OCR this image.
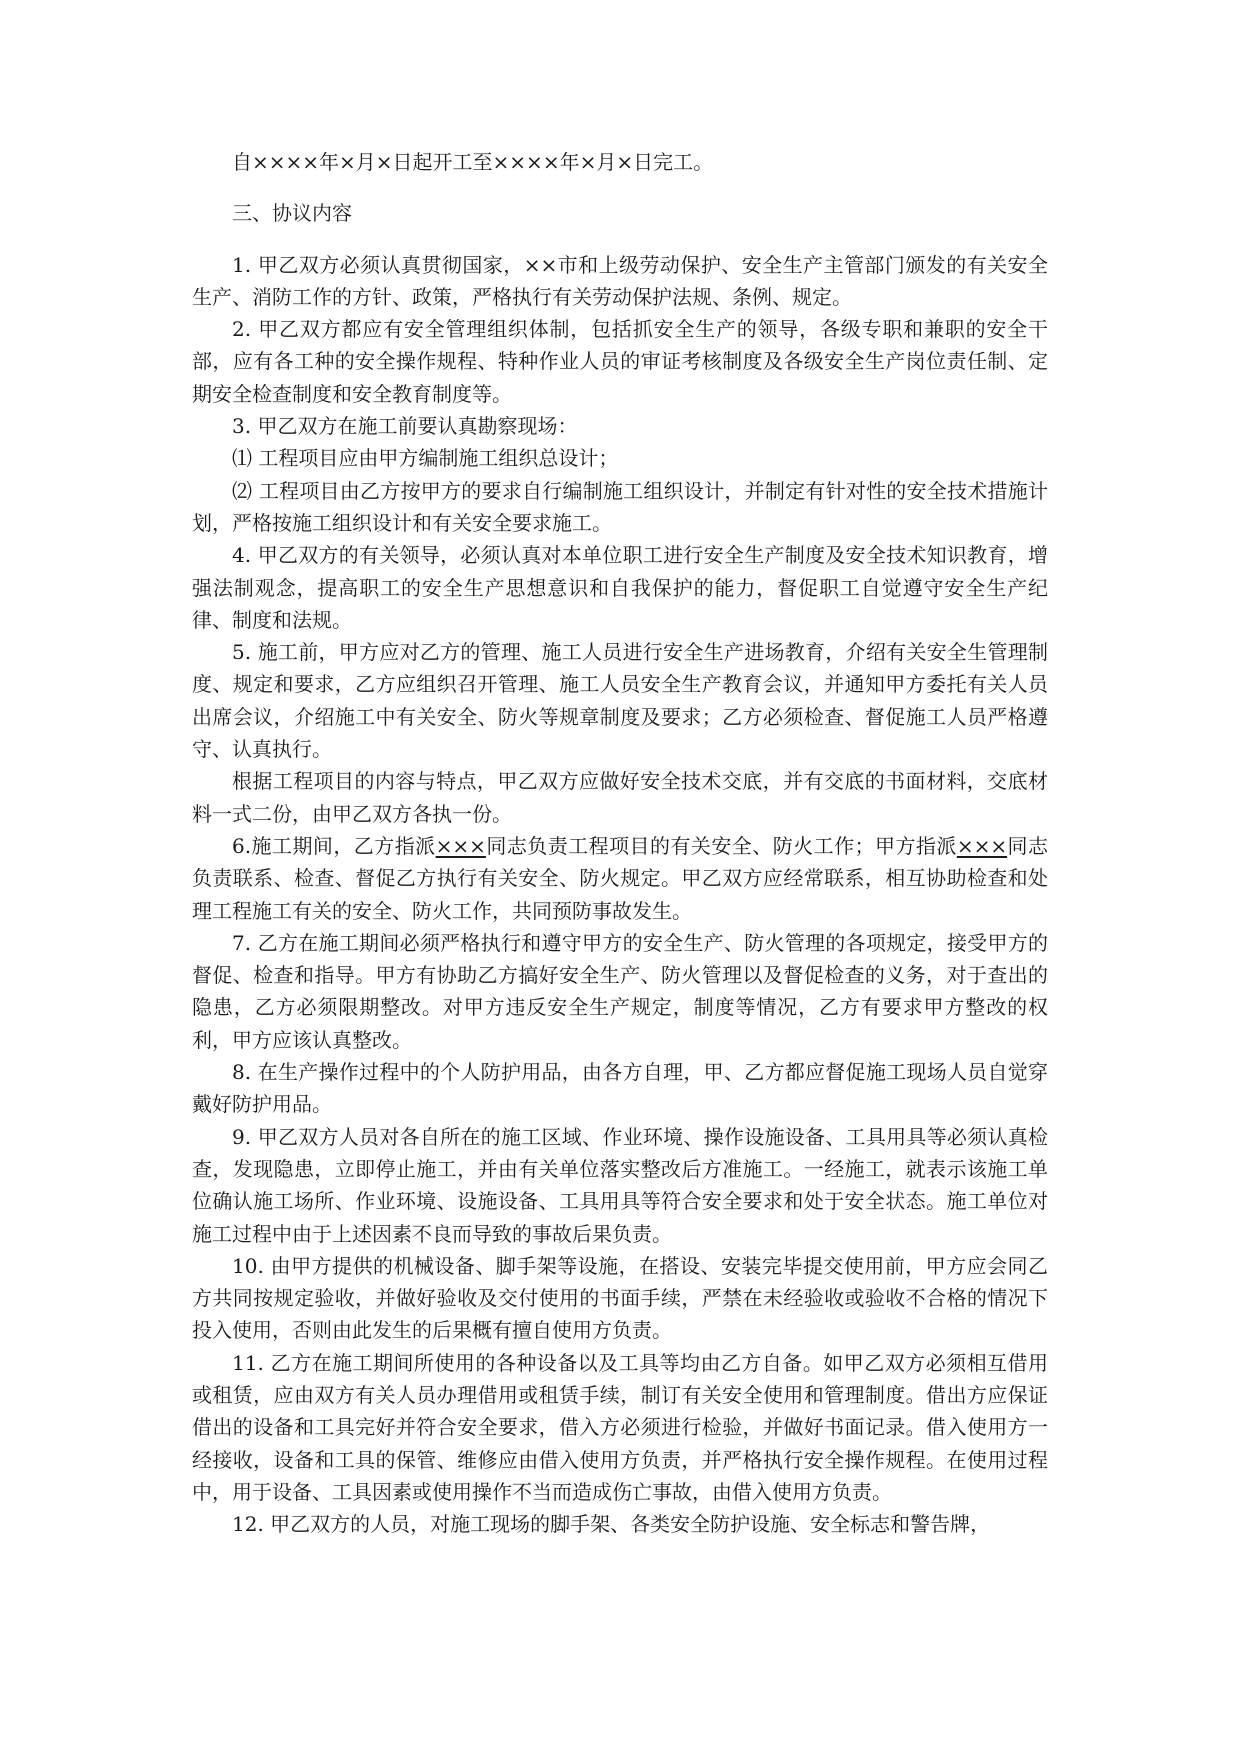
自××××年×月×日起开工至××××年×月×日完工。

三、协议内容

1. 甲乙双方必须认真贯彻国家，××市和上级劳动保护、安全生产主管部门颁发的有关安全生产、消防工作的方针、政策，严格执行有关劳动保护法规、条例、规定。

2. 甲乙双方都应有安全管理组织体制，包括抓安全生产的领导，各级专职和兼职的安全干部，应有各工种的安全操作规程、特种作业人员的审证考核制度及各级安全生产岗位责任制、定期安全检查制度和安全教育制度等。

3. 甲乙双方在施工前要认真勘察现场：

⑴ 工程项目应由甲方编制施工组织总设计；

⑵ 工程项目由乙方按甲方的要求自行编制施工组织设计，并制定有针对性的安全技术措施计划，严格按施工组织设计和有关安全要求施工。

4. 甲乙双方的有关领导，必须认真对本单位职工进行安全生产制度及安全技术知识教育，增强法制观念，提高职工的安全生产思想意识和自我保护的能力，督促职工自觉遵守安全生产纪律、制度和法规。

5. 施工前，甲方应对乙方的管理、施工人员进行安全生产进场教育，介绍有关安全生管理制度、规定和要求，乙方应组织召开管理、施工人员安全生产教育会议，并通知甲方委托有关人员出席会议，介绍施工中有关安全、防火等规章制度及要求；乙方必须检查、督促施工人员严格遵守、认真执行。

根据工程项目的内容与特点，甲乙双方应做好安全技术交底，并有交底的书面材料，交底材料一式二份，由甲乙双方各执一份。

6.施工期间，乙方指派×××同志负责工程项目的有关安全、防火工作；甲方指派×××同志负责联系、检查、督促乙方执行有关安全、防火规定。甲乙双方应经常联系，相互协助检查和处理工程施工有关的安全、防火工作，共同预防事故发生。

7. 乙方在施工期间必须严格执行和遵守甲方的安全生产、防火管理的各项规定，接受甲方的督促、检查和指导。甲方有协助乙方搞好安全生产、防火管理以及督促检查的义务，对于查出的隐患，乙方必须限期整改。对甲方违反安全生产规定，制度等情况，乙方有要求甲方整改的权利，甲方应该认真整改。

8. 在生产操作过程中的个人防护用品，由各方自理，甲、乙方都应督促施工现场人员自觉穿戴好防护用品。

9. 甲乙双方人员对各自所在的施工区域、作业环境、操作设施设备、工具用具等必须认真检查，发现隐患，立即停止施工，并由有关单位落实整改后方准施工。一经施工，就表示该施工单位确认施工场所、作业环境、设施设备、工具用具等符合安全要求和处于安全状态。施工单位对施工过程中由于上述因素不良而导致的事故后果负责。

10. 由甲方提供的机械设备、脚手架等设施，在搭设、安装完毕提交使用前，甲方应会同乙方共同按规定验收，并做好验收及交付使用的书面手续，严禁在未经验收或验收不合格的情况下投入使用，否则由此发生的后果概有擅自使用方负责。

11. 乙方在施工期间所使用的各种设备以及工具等均由乙方自备。如甲乙双方必须相互借用或租赁，应由双方有关人员办理借用或租赁手续，制订有关安全使用和管理制度。借出方应保证借出的设备和工具完好并符合安全要求，借入方必须进行检验，并做好书面记录。借入使用方一经接收，设备和工具的保管、维修应由借入使用方负责，并严格执行安全操作规程。在使用过程中，用于设备、工具因素或使用操作不当而造成伤亡事故，由借入使用方负责。

12. 甲乙双方的人员，对施工现场的脚手架、各类安全防护设施、安全标志和警告牌，
